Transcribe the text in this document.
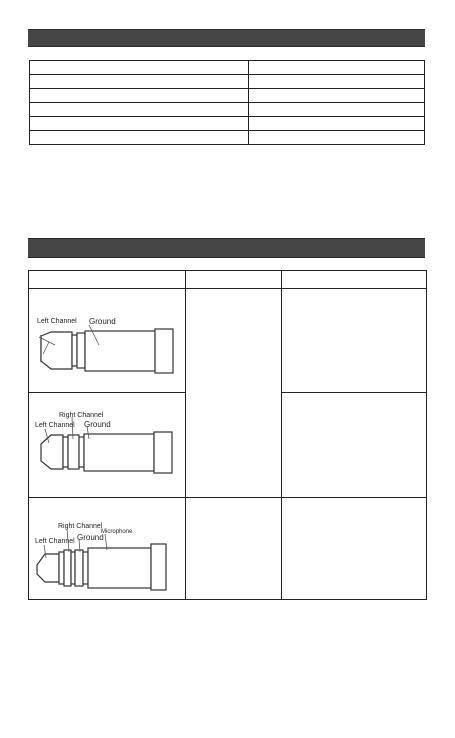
Left Channel Ground		

Right Channel
Left Channel Ground		

Right Channel
Ground
Microphone
Left Channel		
